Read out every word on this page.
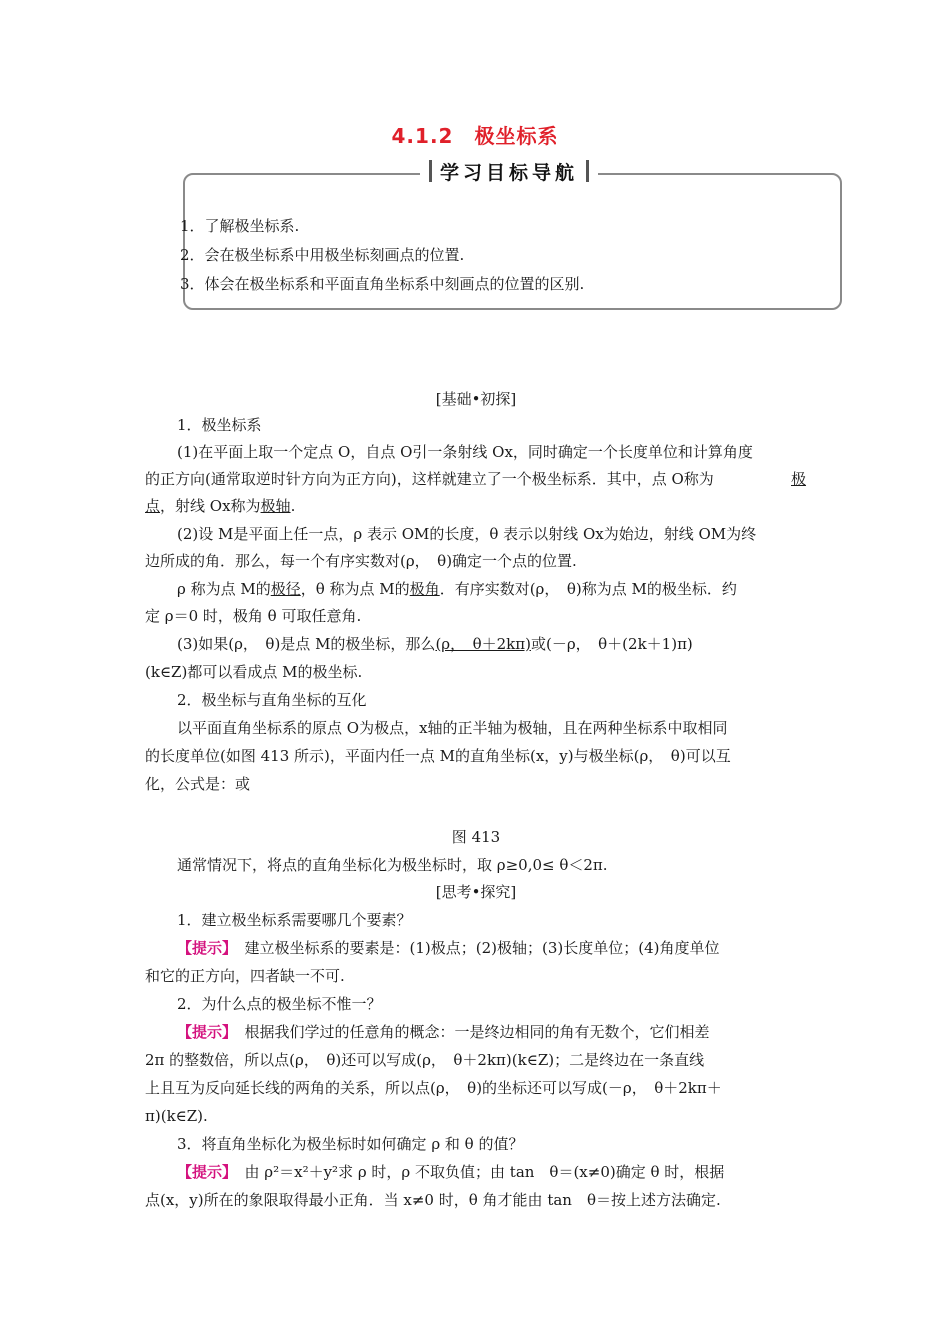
4.1.2　极坐标系
学习目标导航
1．了解极坐标系.
2．会在极坐标系中用极坐标刻画点的位置.
3．体会在极坐标系和平面直角坐标系中刻画点的位置的区别.
[基础•初探]
1．极坐标系
(1)在平面上取一个定点 O，自点 O引一条射线 Ox，同时确定一个长度单位和计算角度
的正方向(通常取逆时针方向为正方向)，这样就建立了一个极坐标系．其中，点 O称为
点，射线 Ox称为极轴.
极
(2)设 M是平面上任一点，ρ 表示 OM的长度，θ 表示以射线 Ox为始边，射线 OM为终
边所成的角．那么，每一个有序实数对(ρ，　θ)确定一个点的位置.
ρ 称为点 M的极径，θ 称为点 M的极角．有序实数对(ρ，　θ)称为点 M的极坐标．约
定 ρ＝0 时，极角 θ 可取任意角.
(3)如果(ρ，　θ)是点 M的极坐标，那么(ρ，　θ＋2kπ)或(－ρ，　θ＋(2k＋1)π)
(k∈Z)都可以看成点 M的极坐标.
2．极坐标与直角坐标的互化
以平面直角坐标系的原点 O为极点，x轴的正半轴为极轴，且在两种坐标系中取相同
的长度单位(如图 413 所示)，平面内任一点 M的直角坐标(x，y)与极坐标(ρ，　θ)可以互
化，公式是：或
图 413
通常情况下，将点的直角坐标化为极坐标时，取 ρ≥0,0≤ θ＜2π.
[思考•探究]
1．建立极坐标系需要哪几个要素？
【提示】　建立极坐标系的要素是：(1)极点；(2)极轴；(3)长度单位；(4)角度单位
和它的正方向，四者缺一不可.
2．为什么点的极坐标不惟一？
【提示】　根据我们学过的任意角的概念：一是终边相同的角有无数个，它们相差
2π 的整数倍，所以点(ρ，　θ)还可以写成(ρ，　θ＋2kπ)(k∈Z)；二是终边在一条直线
上且互为反向延长线的两角的关系，所以点(ρ，　θ)的坐标还可以写成(－ρ，　θ＋2kπ＋
π)(k∈Z).
3．将直角坐标化为极坐标时如何确定 ρ 和 θ 的值？
【提示】　由 ρ²＝x²＋y²求 ρ 时，ρ 不取负值；由 tan　θ＝(x≠0)确定 θ 时，根据
点(x，y)所在的象限取得最小正角．当 x≠0 时，θ 角才能由 tan　θ＝按上述方法确定.
